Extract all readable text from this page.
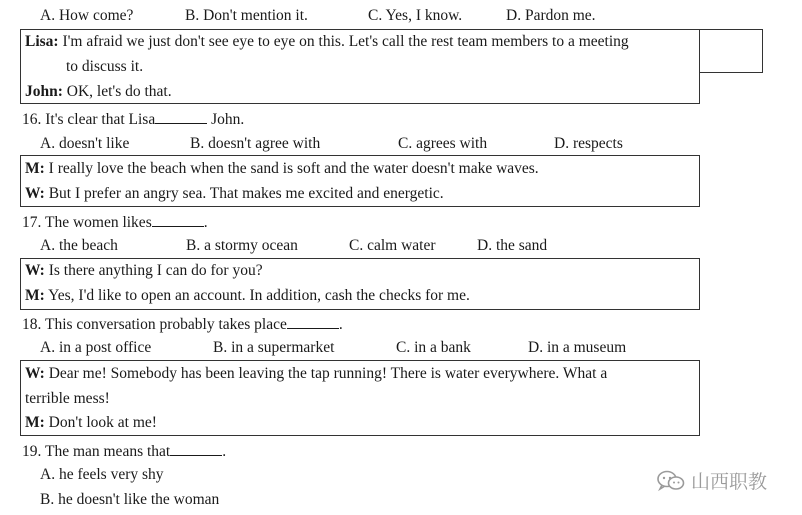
A. How come?	B. Don't mention it.	C. Yes, I know.	D. Pardon me.
Lisa: I'm afraid we just don't see eye to eye on this. Let's call the rest team members to a meeting
to discuss it.
John: OK, let's do that.
16. It's clear that Lisa	John.
A. doesn't like	B. doesn't agree with	C. agrees with	D. respects
M: I really love the beach when the sand is soft and the water doesn't make waves.
W: But I prefer an angry sea. That makes me excited and energetic.
17. The women likes	.
A. the beach	B. a stormy ocean	C. calm water	D. the sand
W: Is there anything I can do for you?
M: Yes, I'd like to open an account. In addition, cash the checks for me.
18. This conversation probably takes place	.
A. in a post office	B. in a supermarket	C. in a bank	D. in a museum
W: Dear me! Somebody has been leaving the tap running! There is water everywhere. What a
terrible mess!
M: Don't look at me!
19. The man means that	.
A. he feels very shy
B. he doesn't like the woman
山西职教
